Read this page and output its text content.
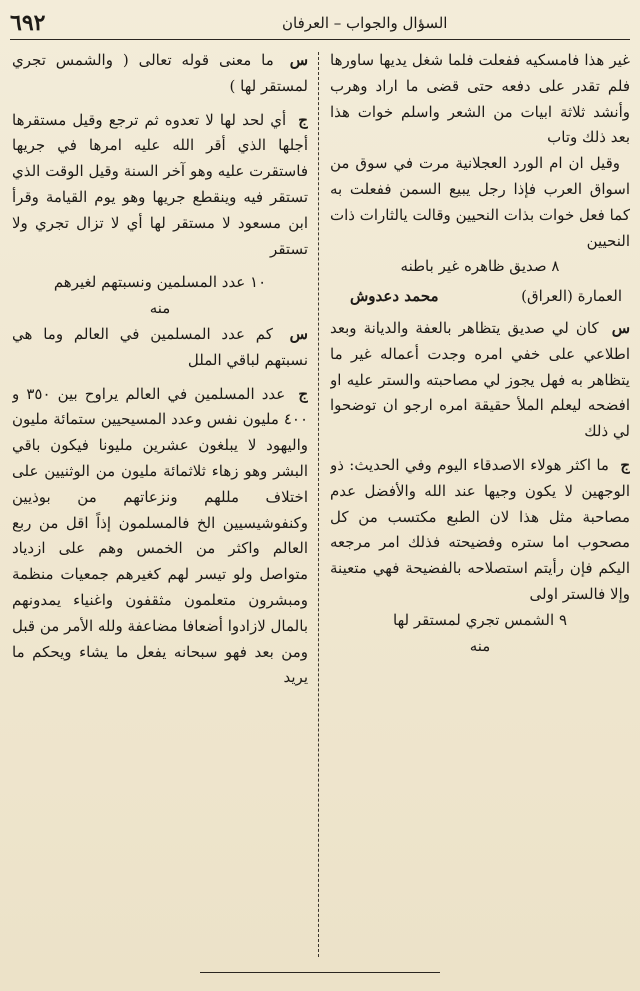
السؤال والجواب – العرفان
٦٩٢

غير هذا فامسكيه ففعلت فلما شغل يديها ساورها فلم تقدر على دفعه حتى قضى ما اراد وهرب وأنشد ثلاثة ابيات من الشعر واسلم خوات هذا بعد ذلك وتاب

وقيل ان ام الورد العجلانية مرت في سوق من اسواق العرب فإذا رجل يبيع السمن ففعلت به كما فعل خوات بذات النحيين وقالت يالثارات ذات النحيين

٨ صديق ظاهره غير باطنه

العمارة (العراق)
محمد دعدوش

س كان لي صديق يتظاهر بالعفة والديانة وبعد اطلاعي على خفي امره وجدت أعماله غير ما يتظاهر به فهل يجوز لي مصاحبته والستر عليه او افضحه ليعلم الملأ حقيقة امره ارجو ان توضحوا لي ذلك

ج ما اكثر هولاء الاصدقاء اليوم وفي الحديث: ذو الوجهين لا يكون وجيها عند الله والأفضل عدم مصاحبة مثل هذا لان الطبع مكتسب من كل مصحوب اما ستره وفضيحته فذلك امر مرجعه اليكم فإن رأيتم استصلاحه بالفضيحة فهي متعينة وإلا فالستر اولى

٩ الشمس تجري لمستقر لها

منه

س ما معنى قوله تعالى ( والشمس تجري لمستقر لها )

ج أي لحد لها لا تعدوه ثم ترجع وقيل مستقرها أجلها الذي أقر الله عليه امرها في جريها فاستقرت عليه وهو آخر السنة وقيل الوقت الذي تستقر فيه وينقطع جريها وهو يوم القيامة وقرأ ابن مسعود لا مستقر لها أي لا تزال تجري ولا تستقر

١٠ عدد المسلمين ونسبتهم لغيرهم

منه

س كم عدد المسلمين في العالم وما هي نسبتهم لباقي الملل

ج عدد المسلمين في العالم يراوح بين ٣٥٠ و ٤٠٠ مليون نفس وعدد المسيحيين ستمائة مليون واليهود لا يبلغون عشرين مليونا فيكون باقي البشر وهو زهاء ثلاثمائة مليون من الوثنيين على اختلاف مللهم ونزعاتهم من بوذيين وكنفوشيسيين الخ فالمسلمون إذاً اقل من ربع العالم واكثر من الخمس وهم على ازدياد متواصل ولو تيسر لهم كغيرهم جمعيات منظمة ومبشرون متعلمون مثقفون واغنياء يمدونهم بالمال لازادوا أضعافا مضاعفة ولله الأمر من قبل ومن بعد فهو سبحانه يفعل ما يشاء ويحكم ما يريد
